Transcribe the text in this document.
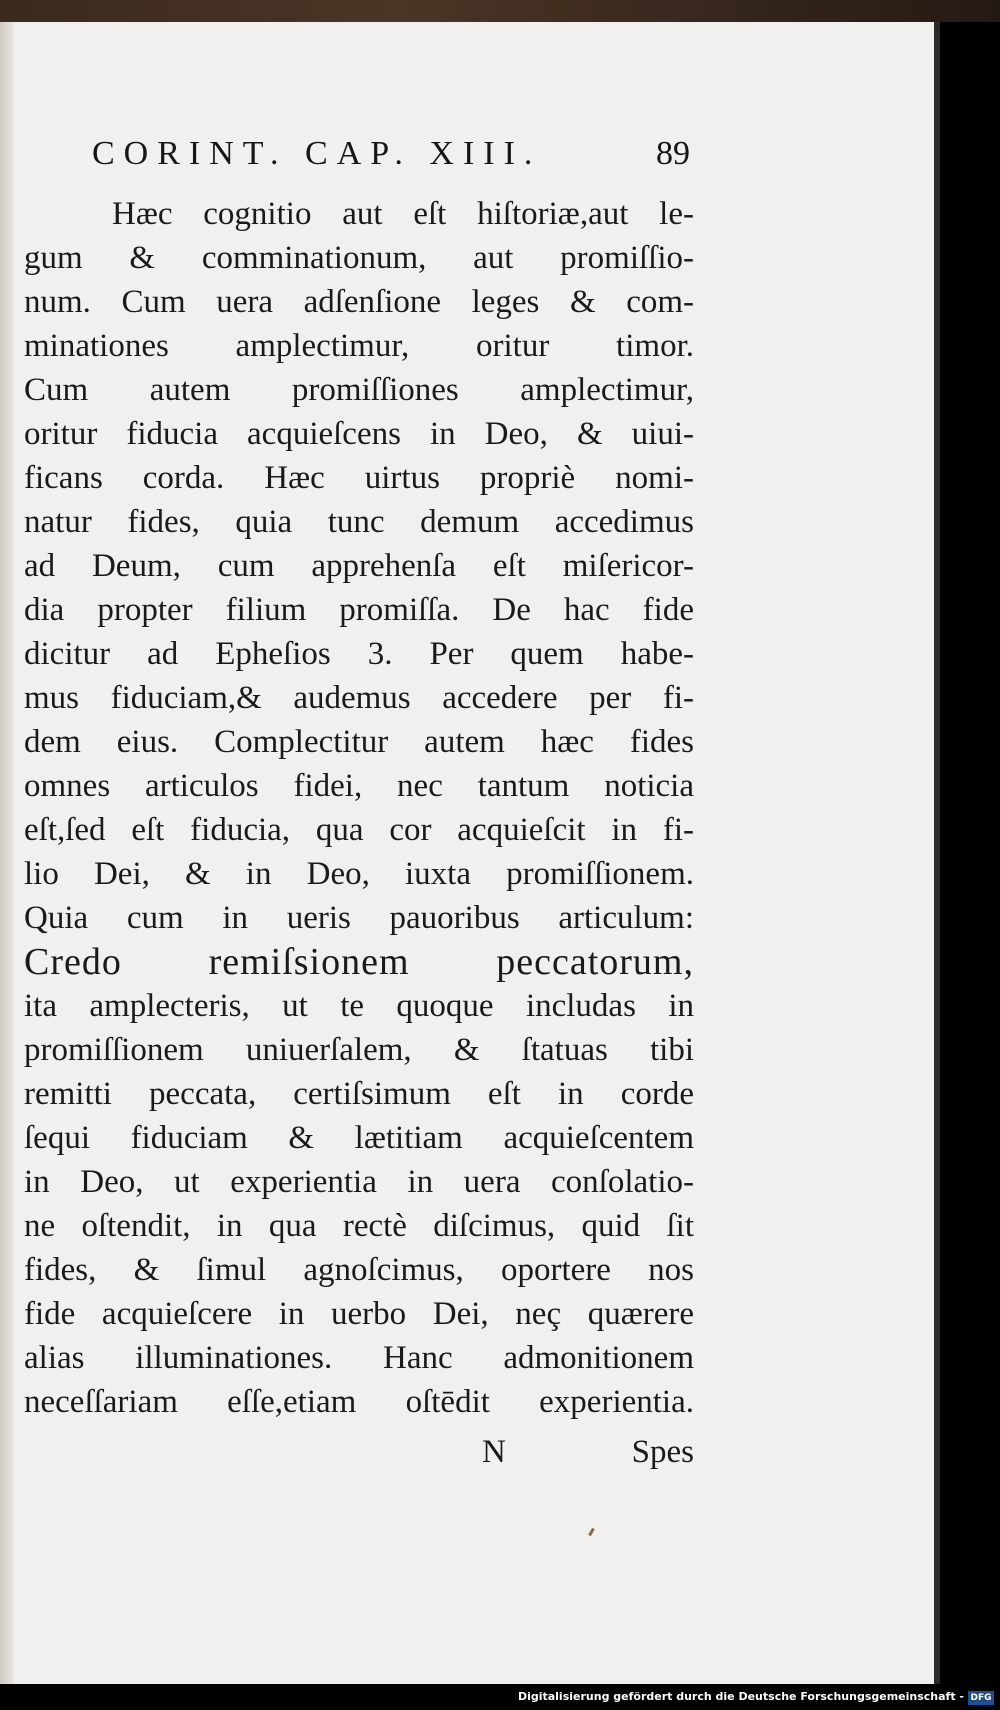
CORINT. CAP. XIII.	89
Hæc cognitio aut eſt hiſtoriæ,aut le-
gum & comminationum, aut promiſſio-
num. Cum uera adſenſione leges & com-
minationes amplectimur, oritur timor.
Cum autem promiſſiones amplectimur,
oritur fiducia acquieſcens in Deo, & uiui-
ficans corda. Hæc uirtus propriè nomi-
natur fides, quia tunc demum accedimus
ad Deum, cum apprehenſa eſt miſericor-
dia propter filium promiſſa. De hac fide
dicitur ad Epheſios 3. Per quem habe-
mus fiduciam,& audemus accedere per fi-
dem eius. Complectitur autem hæc fides
omnes articulos fidei, nec tantum noticia
eſt,ſed eſt fiducia, qua cor acquieſcit in fi-
lio Dei, & in Deo, iuxta promiſſionem.
Quia cum in ueris pauoribus articulum:
Credo remiſsionem peccatorum,
ita amplecteris, ut te quoque includas in
promiſſionem uniuerſalem, & ſtatuas tibi
remitti peccata, certiſsimum eſt in corde
ſequi fiduciam & lætitiam acquieſcentem
in Deo, ut experientia in uera conſolatio-
ne oſtendit, in qua rectè diſcimus, quid ſit
fides, & ſimul agnoſcimus, oportere nos
fide acquieſcere in uerbo Dei, neç quærere
alias illuminationes. Hanc admonitionem
neceſſariam eſſe,etiam oſtēdit experientia.
N	Spes
Digitalisierung gefördert durch die Deutsche Forschungsgemeinschaft - DFG
